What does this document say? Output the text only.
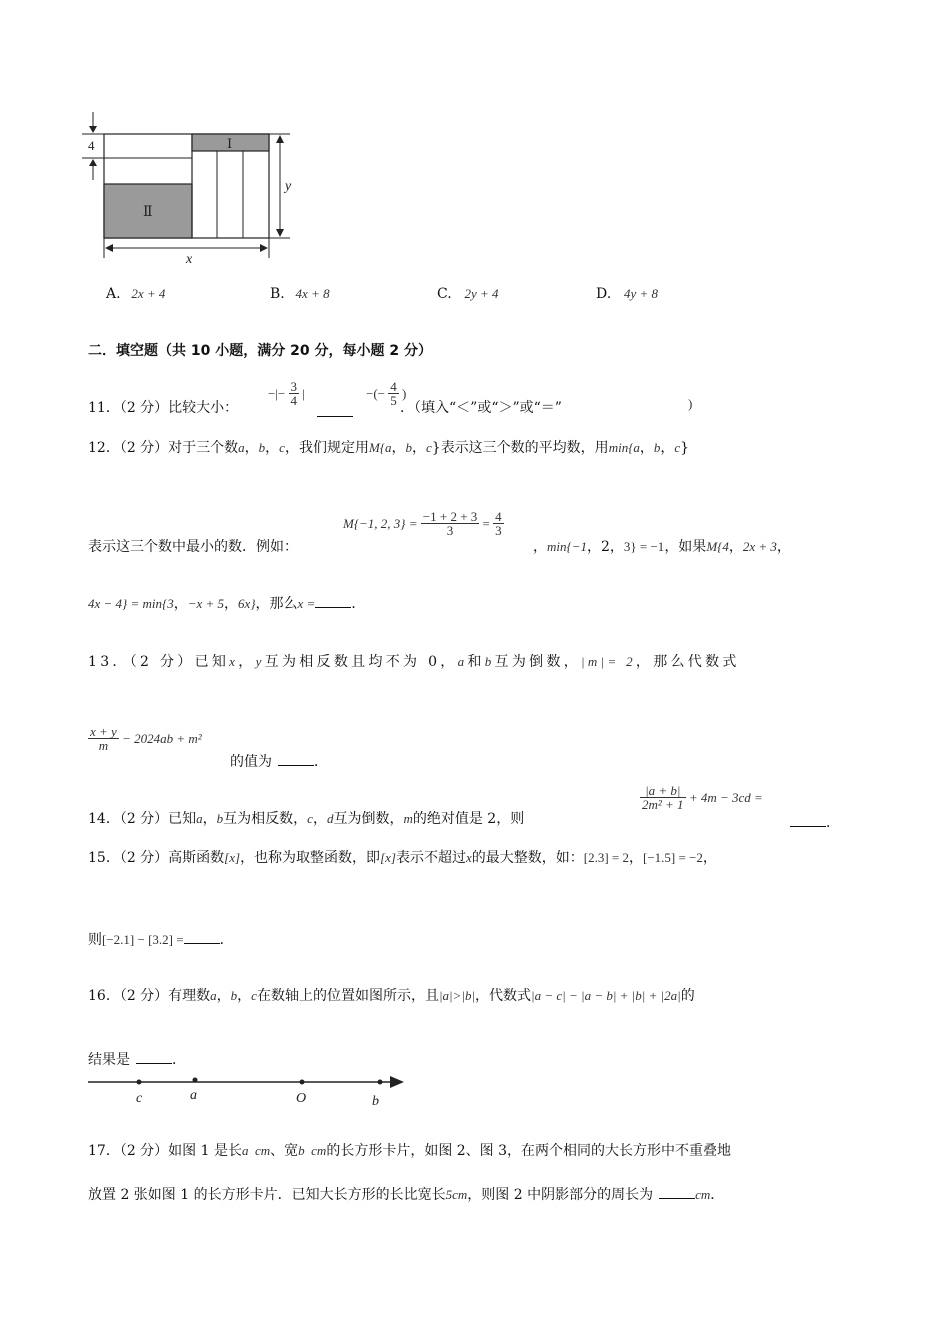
4	Ⅰ
Ⅱ
y
x
A. 2x + 4	B. 4x + 8	C. 2y + 4	D. 4y + 8
二．填空题（共 10 小题，满分 20 分，每小题 2 分）
11．（2 分）比较大小：
−|− $\frac{3}{4}$ |	−(− $\frac{4}{5}$ )
．（填入“＜”或“＞”或“＝”	)
12．（2 分）对于三个数a，b，c，我们规定用M{a，b，c}表示这三个数的平均数，用min{a，b，c}
表示这三个数中最小的数．例如：
M{−1, 2, $3\} = \frac{-1 + 2 + 3}{3} = \frac{4}{3}$
，min{−1，2，3} = −1，如果M{4，2x + 3，
4x − 4} = min{3，−x + 5，6x}，那么x =	．
13．（2 分）已知x，y互为相反数且均不为 0，a和b互为倒数，|m|= 2，那么代数式
$\frac{x + y}{m} - 2024ab + m^2$
的值为	．
14．（2 分）已知a，b互为相反数，c，d互为倒数，m的绝对值是 2，则
$\frac{|a + b|}{\text{2m² + 1}} + 4m - 3cd$ =
．
15．（2 分）高斯函数[x]，也称为取整函数，即[x]表示不超过x的最大整数，如：[2.3] = 2，[−1.5] = −2，
则[−2.1] − [3.2] =	．
16．（2 分）有理数a，b，c在数轴上的位置如图所示，且|a|>|b|，代数式|a − c| − |a − b| + |b| + |2a|的
结果是	．
c	a	O	b
17．（2 分）如图 1 是长a  cm、宽b  cm的长方形卡片，如图 2、图 3，在两个相同的大长方形中不重叠地
放置 2 张如图 1 的长方形卡片．已知大长方形的长比宽长5cm，则图 2 中阴影部分的周长为	cm．
